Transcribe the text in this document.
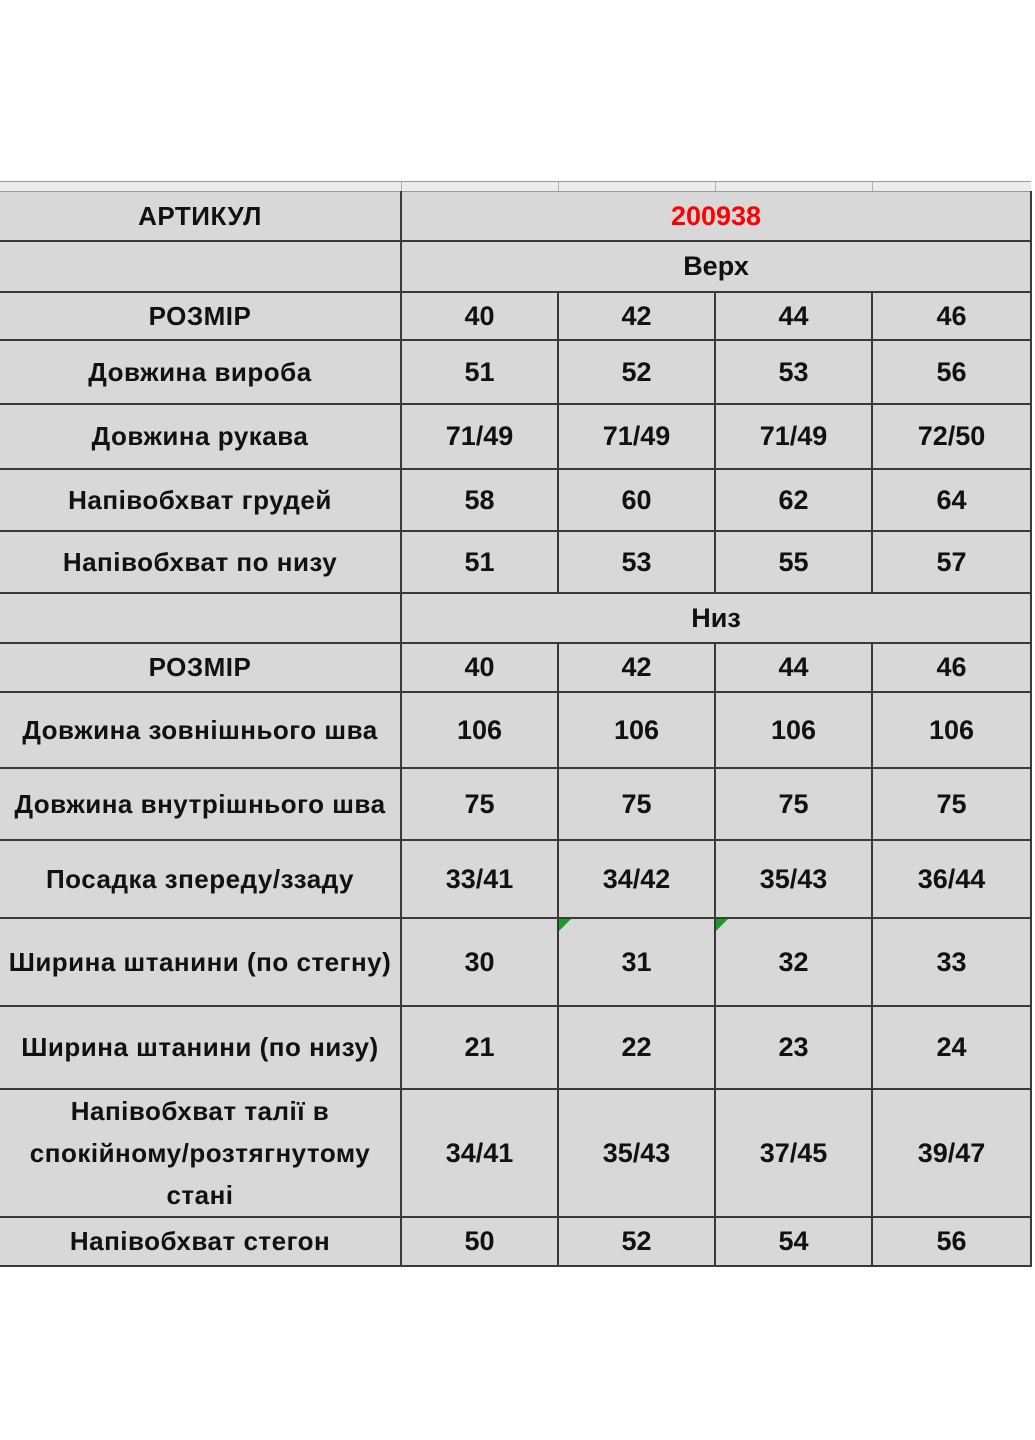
АРТИКУЛ	200938			
	Верх			
РОЗМІР	40	42	44	46
Довжина виробa	51	52	53	56
Довжина рукава	71/49	71/49	71/49	72/50
Напівобхват грудей	58	60	62	64
Напівобхват по низу	51	53	55	57
	Низ			
РОЗМІР	40	42	44	46
Довжина зовнішнього шва	106	106	106	106
Довжина внутрішнього шва	75	75	75	75
Посадка зпереду/ззаду	33/41	34/42	35/43	36/44
Ширина штанини (по стегну)	30	31	32	33
Ширина штанини (по низу)	21	22	23	24
Напівобхват талії в спокійному/розтягнутому стані	34/41	35/43	37/45	39/47
Напівобхват стегон	50	52	54	56
